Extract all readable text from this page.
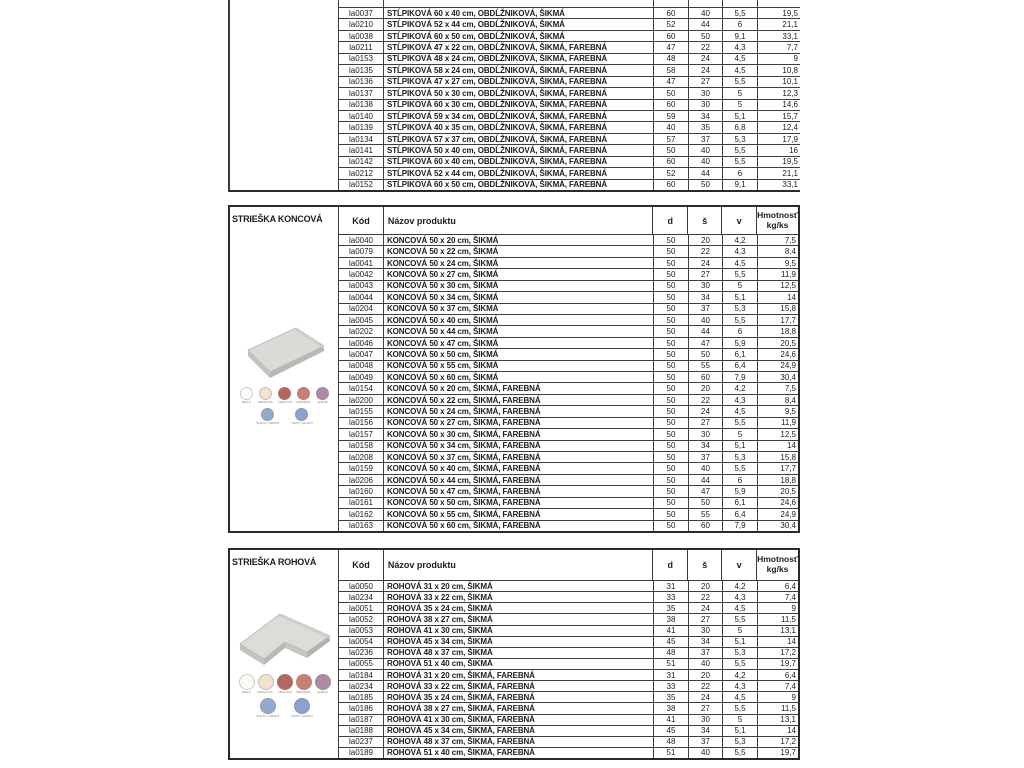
la0037	STĹPIKOVÁ 60 x 40 cm, OBDĹŽNIKOVÁ, ŠIKMÁ	60	40	5,5	19,5
la0210	STĹPIKOVÁ 52 x 44 cm, OBDĹŽNIKOVÁ, ŠIKMÁ	52	44	6	21,1
la0038	STĹPIKOVÁ 60 x 50 cm, OBDĹŽNIKOVÁ, ŠIKMÁ	60	50	9,1	33,1
la0211	STĹPIKOVÁ 47 x 22 cm, OBDĹŽNIKOVÁ, ŠIKMÁ, FAREBNÁ	47	22	4,3	7,7
la0153	STĹPIKOVÁ 48 x 24 cm, OBDĹŽNIKOVÁ, ŠIKMÁ, FAREBNÁ	48	24	4,5	9
la0135	STĹPIKOVÁ 58 x 24 cm, OBDĹŽNIKOVÁ, ŠIKMÁ, FAREBNÁ	58	24	4,5	10,8
la0136	STĹPIKOVÁ 47 x 27 cm, OBDĹŽNIKOVÁ, ŠIKMÁ, FAREBNÁ	47	27	5,5	10,1
la0137	STĹPIKOVÁ 50 x 30 cm, OBDĹŽNIKOVÁ, ŠIKMÁ, FAREBNÁ	50	30	5	12,3
la0138	STĹPIKOVÁ 60 x 30 cm, OBDĹŽNIKOVÁ, ŠIKMÁ, FAREBNÁ	60	30	5	14,6
la0140	STĹPIKOVÁ 59 x 34 cm, OBDĹŽNIKOVÁ, ŠIKMÁ, FAREBNÁ	59	34	5,1	15,7
la0139	STĹPIKOVÁ 40 x 35 cm, OBDĹŽNIKOVÁ, ŠIKMÁ, FAREBNÁ	40	35	6,8	12,4
la0134	STĹPIKOVÁ 57 x 37 cm, OBDĹŽNIKOVÁ, ŠIKMÁ, FAREBNÁ	57	37	5,3	17,9
la0141	STĹPIKOVÁ 50 x 40 cm, OBDĹŽNIKOVÁ, ŠIKMÁ, FAREBNÁ	50	40	5,5	16
la0142	STĹPIKOVÁ 60 x 40 cm, OBDĹŽNIKOVÁ, ŠIKMÁ, FAREBNÁ	60	40	5,5	19,5
la0212	STĹPIKOVÁ 52 x 44 cm, OBDĹŽNIKOVÁ, ŠIKMÁ, FAREBNÁ	52	44	6	21,1
la0152	STĹPIKOVÁ 60 x 50 cm, OBDĹŽNIKOVÁ, ŠIKMÁ, FAREBNÁ	60	50	9,1	33,1
STRIEŠKA KONCOVÁ
BIELA PIESKOVÁ TEHLOVÁ ČERVENÁ HNEDÁ
SVETLÝ GRAFIT	TMAVÝ GRAFIT
Kód	Názov produktu	d	š	v
Hmotnosť
kg/ks
la0040	KONCOVÁ 50 x 20 cm, ŠIKMÁ	50	20	4,2	7,5
la0079	KONCOVÁ 50 x 22 cm, ŠIKMÁ	50	22	4,3	8,4
la0041	KONCOVÁ 50 x 24 cm, ŠIKMÁ	50	24	4,5	9,5
la0042	KONCOVÁ 50 x 27 cm, ŠIKMÁ	50	27	5,5	11,9
la0043	KONCOVÁ 50 x 30 cm, ŠIKMÁ	50	30	5	12,5
la0044	KONCOVÁ 50 x 34 cm, ŠIKMÁ	50	34	5,1	14
la0204	KONCOVÁ 50 x 37 cm, ŠIKMÁ	50	37	5,3	15,8
la0045	KONCOVÁ 50 x 40 cm, ŠIKMÁ	50	40	5,5	17,7
la0202	KONCOVÁ 50 x 44 cm, ŠIKMÁ	50	44	6	18,8
la0046	KONCOVÁ 50 x 47 cm, ŠIKMÁ	50	47	5,9	20,5
la0047	KONCOVÁ 50 x 50 cm, ŠIKMÁ	50	50	6,1	24,6
la0048	KONCOVÁ 50 x 55 cm, ŠIKMÁ	50	55	6,4	24,9
la0049	KONCOVÁ 50 x 60 cm, ŠIKMÁ	50	60	7,9	30,4
la0154	KONCOVÁ 50 x 20 cm, ŠIKMÁ, FAREBNÁ	50	20	4,2	7,5
la0200	KONCOVÁ 50 x 22 cm, ŠIKMÁ, FAREBNÁ	50	22	4,3	8,4
la0155	KONCOVÁ 50 x 24 cm, ŠIKMÁ, FAREBNÁ	50	24	4,5	9,5
la0156	KONCOVÁ 50 x 27 cm, ŠIKMÁ, FAREBNÁ	50	27	5,5	11,9
la0157	KONCOVÁ 50 x 30 cm, ŠIKMÁ, FAREBNÁ	50	30	5	12,5
la0158	KONCOVÁ 50 x 34 cm, ŠIKMÁ, FAREBNÁ	50	34	5,1	14
la0208	KONCOVÁ 50 x 37 cm, ŠIKMÁ, FAREBNÁ	50	37	5,3	15,8
la0159	KONCOVÁ 50 x 40 cm, ŠIKMÁ, FAREBNÁ	50	40	5,5	17,7
la0206	KONCOVÁ 50 x 44 cm, ŠIKMÁ, FAREBNÁ	50	44	6	18,8
la0160	KONCOVÁ 50 x 47 cm, ŠIKMÁ, FAREBNÁ	50	47	5,9	20,5
la0161	KONCOVÁ 50 x 50 cm, ŠIKMÁ, FAREBNÁ	50	50	6,1	24,6
la0162	KONCOVÁ 50 x 55 cm, ŠIKMÁ, FAREBNÁ	50	55	6,4	24,9
la0163	KONCOVÁ 50 x 60 cm, ŠIKMÁ, FAREBNÁ	50	60	7,9	30,4
STRIEŠKA ROHOVÁ
BIELA PIESKOVÁ TEHLOVÁ ČERVENÁ HNEDÁ
SVETLÝ GRAFIT	TMAVÝ GRAFIT
Kód	Názov produktu	d	š	v
Hmotnosť
kg/ks
la0050	ROHOVÁ 31 x 20 cm, ŠIKMÁ	31	20	4,2	6,4
la0234	ROHOVÁ 33 x 22 cm, ŠIKMÁ	33	22	4,3	7,4
la0051	ROHOVÁ 35 x 24 cm, ŠIKMÁ	35	24	4,5	9
la0052	ROHOVÁ 38 x 27 cm, ŠIKMÁ	38	27	5,5	11,5
la0053	ROHOVÁ 41 x 30 cm, ŠIKMÁ	41	30	5	13,1
la0054	ROHOVÁ 45 x 34 cm, ŠIKMÁ	45	34	5,1	14
la0236	ROHOVÁ 48 x 37 cm, ŠIKMÁ	48	37	5,3	17,2
la0055	ROHOVÁ 51 x 40 cm, ŠIKMÁ	51	40	5,5	19,7
la0184	ROHOVÁ 31 x 20 cm, ŠIKMÁ, FAREBNÁ	31	20	4,2	6,4
la0234	ROHOVÁ 33 x 22 cm, ŠIKMÁ, FAREBNÁ	33	22	4,3	7,4
la0185	ROHOVÁ 35 x 24 cm, ŠIKMÁ, FAREBNÁ	35	24	4,5	9
la0186	ROHOVÁ 38 x 27 cm, ŠIKMÁ, FAREBNÁ	38	27	5,5	11,5
la0187	ROHOVÁ 41 x 30 cm, ŠIKMÁ, FAREBNÁ	41	30	5	13,1
la0188	ROHOVÁ 45 x 34 cm, ŠIKMÁ, FAREBNÁ	45	34	5,1	14
la0237	ROHOVÁ 48 x 37 cm, ŠIKMÁ, FAREBNÁ	48	37	5,3	17,2
la0189	ROHOVÁ 51 x 40 cm, ŠIKMÁ, FAREBNÁ	51	40	5,5	19,7
